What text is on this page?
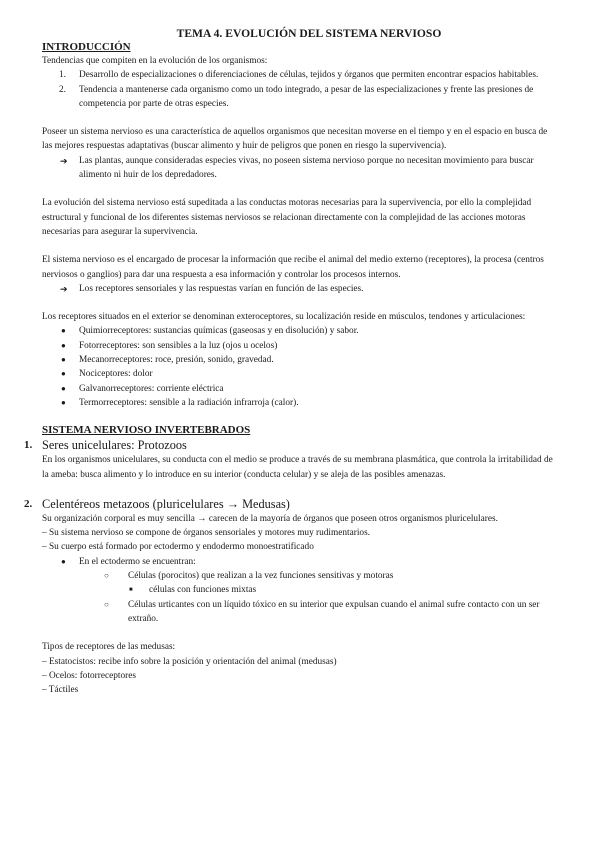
TEMA 4. EVOLUCIÓN DEL SISTEMA NERVIOSO
INTRODUCCIÓN

Tendencias que compiten en la evolución de los organismos:

1. Desarrollo de especializaciones o diferenciaciones de células, tejidos y órganos que permiten encontrar espacios habitables.
2. Tendencia a mantenerse cada organismo como un todo integrado, a pesar de las especializaciones y frente las presiones de competencia por parte de otras especies.

Poseer un sistema nervioso es una característica de aquellos organismos que necesitan moverse en el tiempo y en el espacio en busca de las mejores respuestas adaptativas (buscar alimento y huir de peligros que ponen en riesgo la supervivencia).

➔ Las plantas, aunque consideradas especies vivas, no poseen sistema nervioso porque no necesitan movimiento para buscar alimento ni huir de los depredadores.

La evolución del sistema nervioso está supeditada a las conductas motoras necesarias para la supervivencia, por ello la complejidad estructural y funcional de los diferentes sistemas nerviosos se relacionan directamente con la complejidad de las acciones motoras necesarias para asegurar la supervivencia.

El sistema nervioso es el encargado de procesar la información que recibe el animal del medio externo (receptores), la procesa (centros nerviosos o ganglios) para dar una respuesta a esa información y controlar los procesos internos.

➔ Los receptores sensoriales y las respuestas varían en función de las especies.

Los receptores situados en el exterior se denominan exteroceptores, su localización reside en músculos, tendones y articulaciones:

● Quimiorreceptores: sustancias químicas (gaseosas y en disolución) y sabor.
● Fotorreceptores: son sensibles a la luz (ojos u ocelos)
● Mecanorreceptores: roce, presión, sonido, gravedad.
● Nociceptores: dolor
● Galvanorreceptores: corriente eléctrica
● Termorreceptores: sensible a la radiación infrarroja (calor).
SISTEMA NERVIOSO INVERTEBRADOS
1. Seres unicelulares: Protozoos

En los organismos unicelulares, su conducta con el medio se produce a través de su membrana plasmática, que controla la irritabilidad de la ameba: busca alimento y lo introduce en su interior (conducta celular) y se aleja de las posibles amenazas.

2. Celentéreos metazoos (pluricelulares → Medusas)

Su organización corporal es muy sencilla → carecen de la mayoría de órganos que poseen otros organismos pluricelulares.

– Su sistema nervioso se compone de órganos sensoriales y motores muy rudimentarios.

– Su cuerpo está formado por ectodermo y endodermo monoestratificado

● En el ectodermo se encuentran:
○ Células (porocitos) que realizan a la vez funciones sensitivas y motoras
■ células con funciones mixtas
○ Células urticantes con un líquido tóxico en su interior que expulsan cuando el animal sufre contacto con un ser extraño.

Tipos de receptores de las medusas:

– Estatocistos: recibe info sobre la posición y orientación del animal (medusas)

– Ocelos: fotorreceptores

– Táctiles
